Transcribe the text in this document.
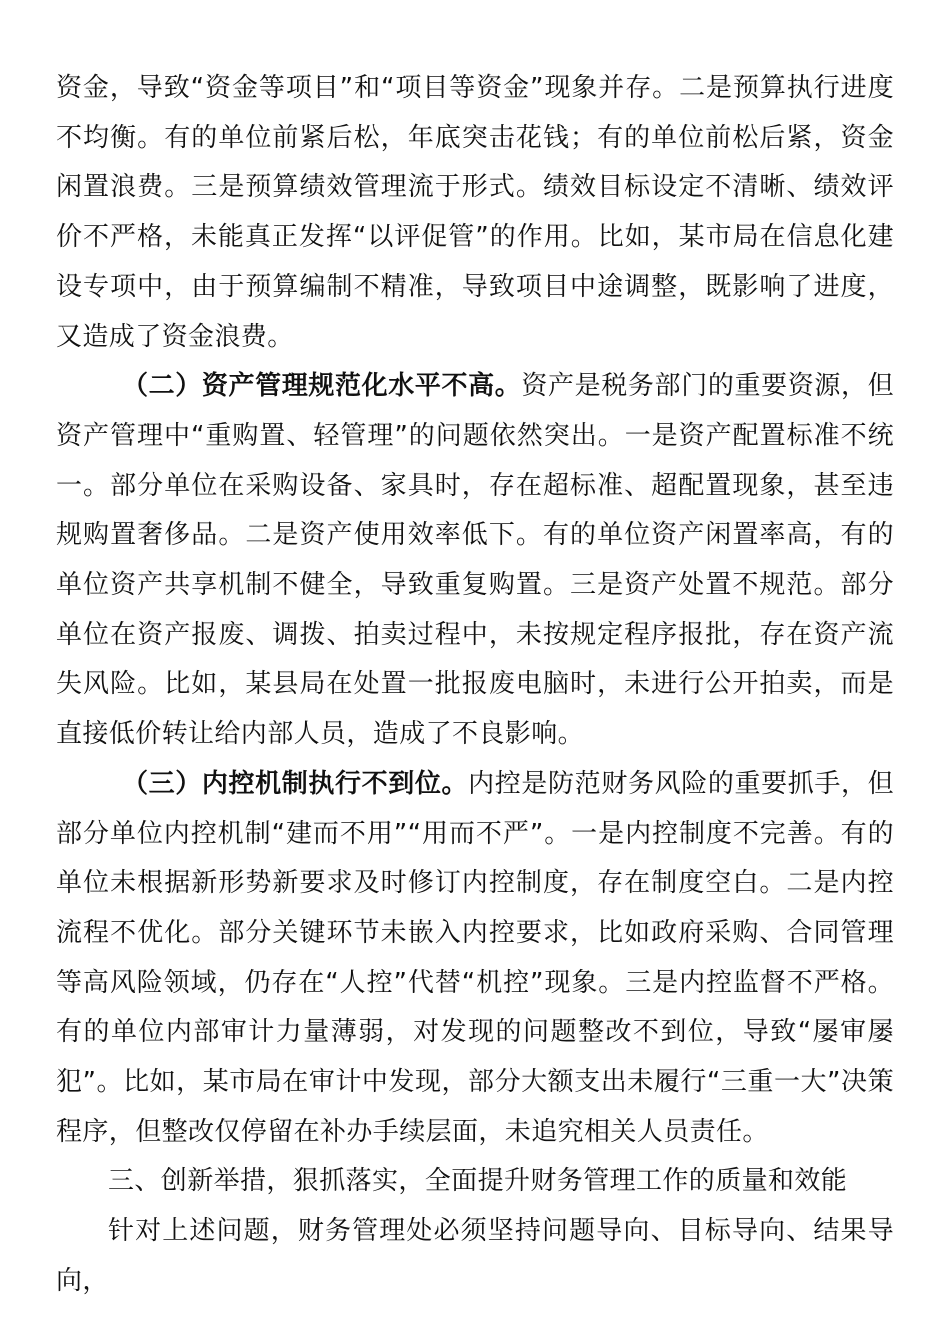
资金，导致“资金等项目”和“项目等资金”现象并存。二是预算执行进度不均衡。有的单位前紧后松，年底突击花钱；有的单位前松后紧，资金闲置浪费。三是预算绩效管理流于形式。绩效目标设定不清晰、绩效评价不严格，未能真正发挥“以评促管”的作用。比如，某市局在信息化建设专项中，由于预算编制不精准，导致项目中途调整，既影响了进度，又造成了资金浪费。

（二）资产管理规范化水平不高。资产是税务部门的重要资源，但资产管理中“重购置、轻管理”的问题依然突出。一是资产配置标准不统一。部分单位在采购设备、家具时，存在超标准、超配置现象，甚至违规购置奢侈品。二是资产使用效率低下。有的单位资产闲置率高，有的单位资产共享机制不健全，导致重复购置。三是资产处置不规范。部分单位在资产报废、调拨、拍卖过程中，未按规定程序报批，存在资产流失风险。比如，某县局在处置一批报废电脑时，未进行公开拍卖，而是直接低价转让给内部人员，造成了不良影响。

（三）内控机制执行不到位。内控是防范财务风险的重要抓手，但部分单位内控机制“建而不用”“用而不严”。一是内控制度不完善。有的单位未根据新形势新要求及时修订内控制度，存在制度空白。二是内控流程不优化。部分关键环节未嵌入内控要求，比如政府采购、合同管理等高风险领域，仍存在“人控”代替“机控”现象。三是内控监督不严格。有的单位内部审计力量薄弱，对发现的问题整改不到位，导致“屡审屡犯”。比如，某市局在审计中发现，部分大额支出未履行“三重一大”决策程序，但整改仅停留在补办手续层面，未追究相关人员责任。

三、创新举措，狠抓落实，全面提升财务管理工作的质量和效能

针对上述问题，财务管理处必须坚持问题导向、目标导向、结果导向，
